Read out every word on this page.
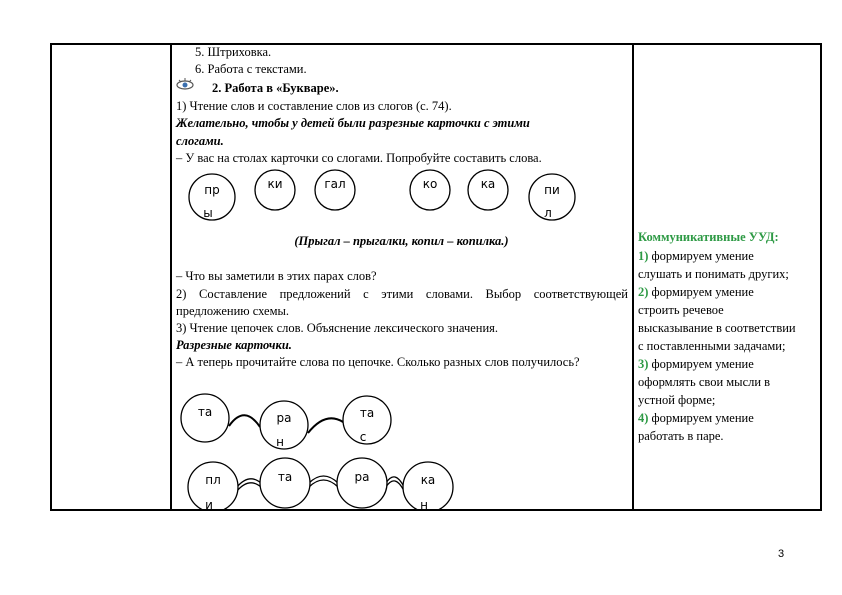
5. Штриховка.
6. Работа с текстами.
2. Работа в «Букваре».
1) Чтение слов и составление слов из слогов (с. 74).
Желательно, чтобы у детей были разрезные карточки с этими
слогами.
– У вас на столах карточки со слогами. Попробуйте составить слова.
пр
ы
ки	гал	ко	ка	пи
л
(Прыгал – прыгалки, копил – копилка.)
– Что вы заметили в этих парах слов?
2) Составление предложений с этими словами. Выбор соответствующей
предложению схемы.
3) Чтение цепочек слов. Объяснение лексического значения.
Разрезные карточки.
– А теперь прочитайте слова по цепочке. Сколько разных слов получилось?
та	ра
н
та
с
пл
и
та	ра	ка
н
Коммуникативные УУД:
1) формируем умение
слушать и понимать других;
2) формируем умение
строить речевое
высказывание в соответствии
с поставленными задачами;
3) формируем умение
оформлять свои мысли в
устной форме;
4) формируем умение
работать в паре.
3
